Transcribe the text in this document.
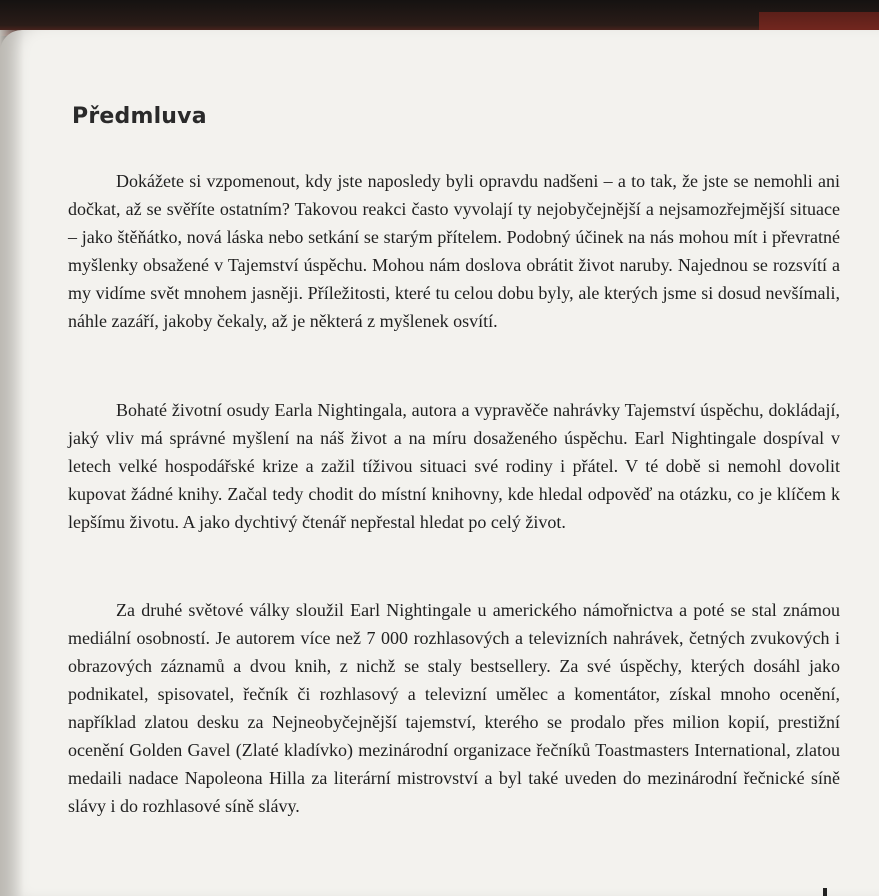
Předmluva

Dokážete si vzpomenout, kdy jste naposledy byli opravdu nadšeni – a to tak, že jste se nemohli ani dočkat, až se svěříte ostatním? Takovou reakci často vyvolají ty nejobyčejnější a nejsamozřejmější situace – jako štěňátko, nová láska nebo setkání se starým přítelem. Podobný účinek na nás mohou mít i převratné myšlenky obsažené v Tajemství úspěchu. Mohou nám doslova obrátit život naruby. Najednou se rozsvítí a my vidíme svět mnohem jasněji. Příležitosti, které tu celou dobu byly, ale kterých jsme si dosud nevšímali, náhle zazáří, jakoby čekaly, až je některá z myšlenek osvítí.

Bohaté životní osudy Earla Nightingala, autora a vypravěče nahrávky Tajemství úspěchu, dokládají, jaký vliv má správné myšlení na náš život a na míru dosaženého úspěchu. Earl Nightingale dospíval v letech velké hospodářské krize a zažil tíživou situaci své rodiny i přátel. V té době si nemohl dovolit kupovat žádné knihy. Začal tedy chodit do místní knihovny, kde hledal odpověď na otázku, co je klíčem k lepšímu životu. A jako dychtivý čtenář nepřestal hledat po celý život.

Za druhé světové války sloužil Earl Nightingale u amerického námořnictva a poté se stal známou mediální osobností. Je autorem více než 7 000 rozhlasových a televizních nahrávek, četných zvukových i obrazových záznamů a dvou knih, z nichž se staly bestsellery. Za své úspěchy, kterých dosáhl jako podnikatel, spisovatel, řečník či rozhlasový a televizní umělec a komentátor, získal mnoho ocenění, například zlatou desku za Nejneobyčejnější tajemství, kterého se prodalo přes milion kopií, prestižní ocenění Golden Gavel (Zlaté kladívko) mezinárodní organizace řečníků Toastmasters International, zlatou medaili nadace Napoleona Hilla za literární mistrovství a byl také uveden do mezinárodní řečnické síně slávy i do rozhlasové síně slávy.
